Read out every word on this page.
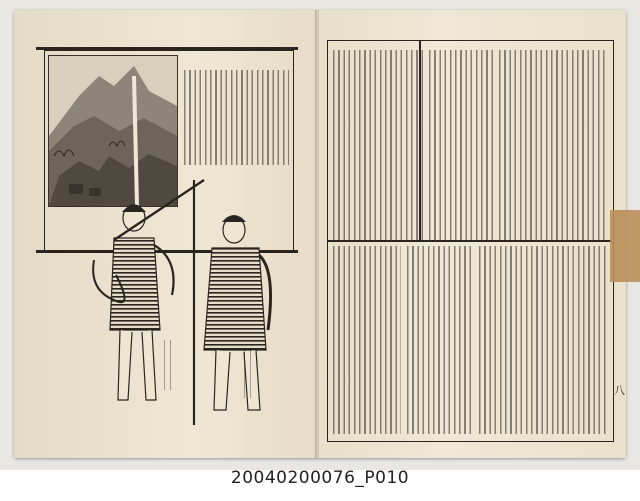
八
20040200076_P010
